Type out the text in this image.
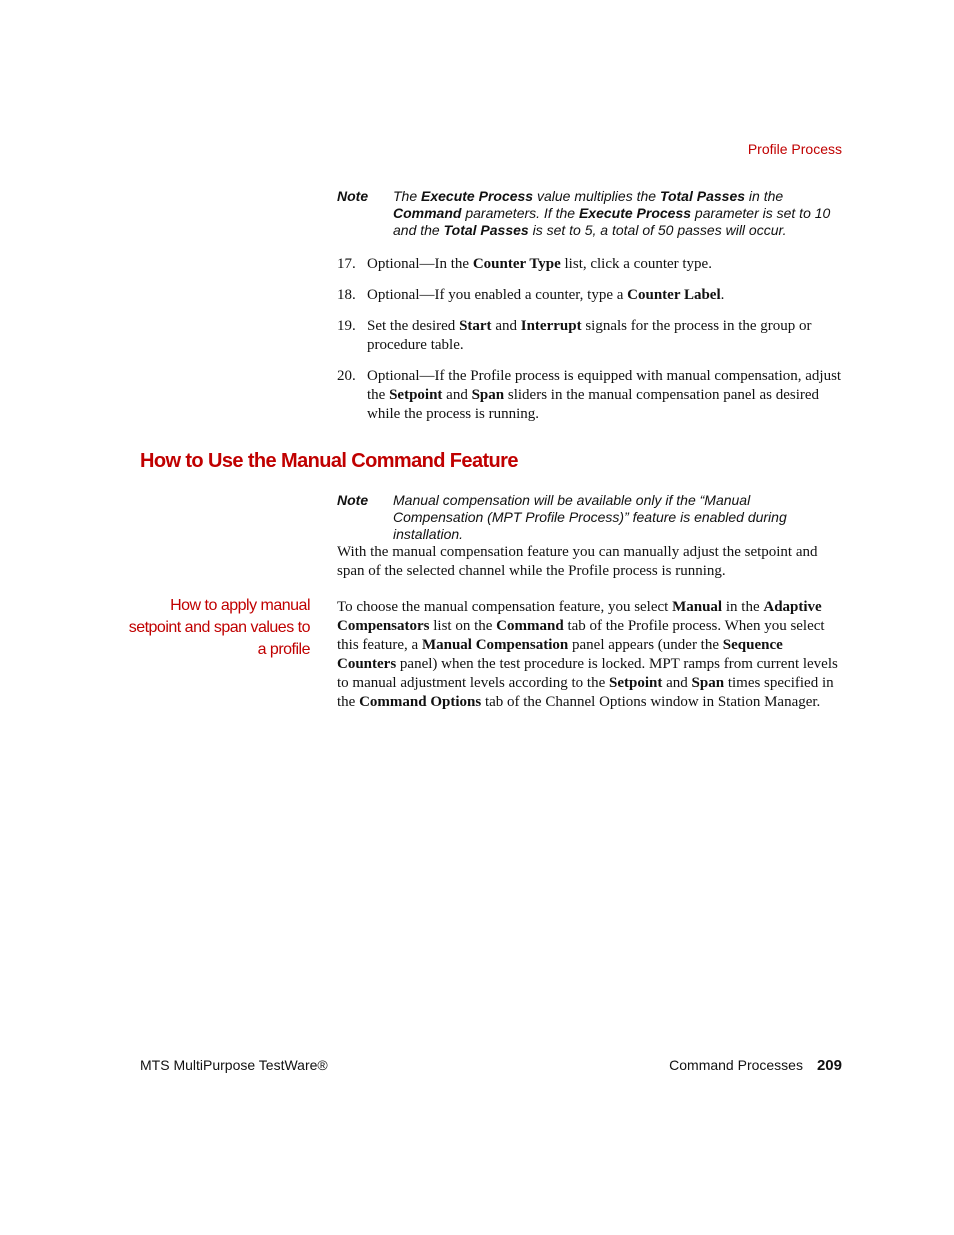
Profile Process
Note The Execute Process value multiplies the Total Passes in the Command parameters. If the Execute Process parameter is set to 10 and the Total Passes is set to 5, a total of 50 passes will occur.
17. Optional—In the Counter Type list, click a counter type.
18. Optional—If you enabled a counter, type a Counter Label.
19. Set the desired Start and Interrupt signals for the process in the group or procedure table.
20. Optional—If the Profile process is equipped with manual compensation, adjust the Setpoint and Span sliders in the manual compensation panel as desired while the process is running.
How to Use the Manual Command Feature
Note Manual compensation will be available only if the “Manual Compensation (MPT Profile Process)” feature is enabled during installation.
With the manual compensation feature you can manually adjust the setpoint and span of the selected channel while the Profile process is running.
How to apply manual setpoint and span values to a profile
To choose the manual compensation feature, you select Manual in the Adaptive Compensators list on the Command tab of the Profile process. When you select this feature, a Manual Compensation panel appears (under the Sequence Counters panel) when the test procedure is locked. MPT ramps from current levels to manual adjustment levels according to the Setpoint and Span times specified in the Command Options tab of the Channel Options window in Station Manager.
MTS MultiPurpose TestWare®	Command Processes 209
